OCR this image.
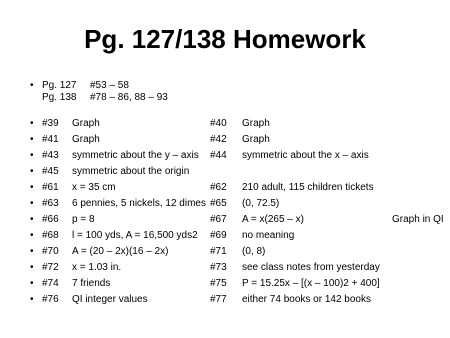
Pg. 127/138 Homework
• Pg. 127 #53 – 58
Pg. 138 #78 – 86, 88 – 93
• #39 Graph	#40 Graph
• #41 Graph	#42 Graph
• #43 symmetric about the y – axis #44 symmetric about the x – axis
• #45 symmetric about the origin
• #61 x = 35 cm	#62 210 adult, 115 children tickets
• #63 6 pennies, 5 nickels, 12 dimes #65 (0, 72.5)
• #66 p = 8	#67 A = x(265 – x)	Graph in QI
• #68 l = 100 yds, A = 16,500 yds2 #69 no meaning
• #70 A = (20 – 2x)(16 – 2x)	#71 (0, 8)
• #72 x = 1.03 in.	#73 see class notes from yesterday
• #74 7 friends	#75 P = 15.25x – [(x – 100)2 + 400]
• #76 QI integer values	#77 either 74 books or 142 books
